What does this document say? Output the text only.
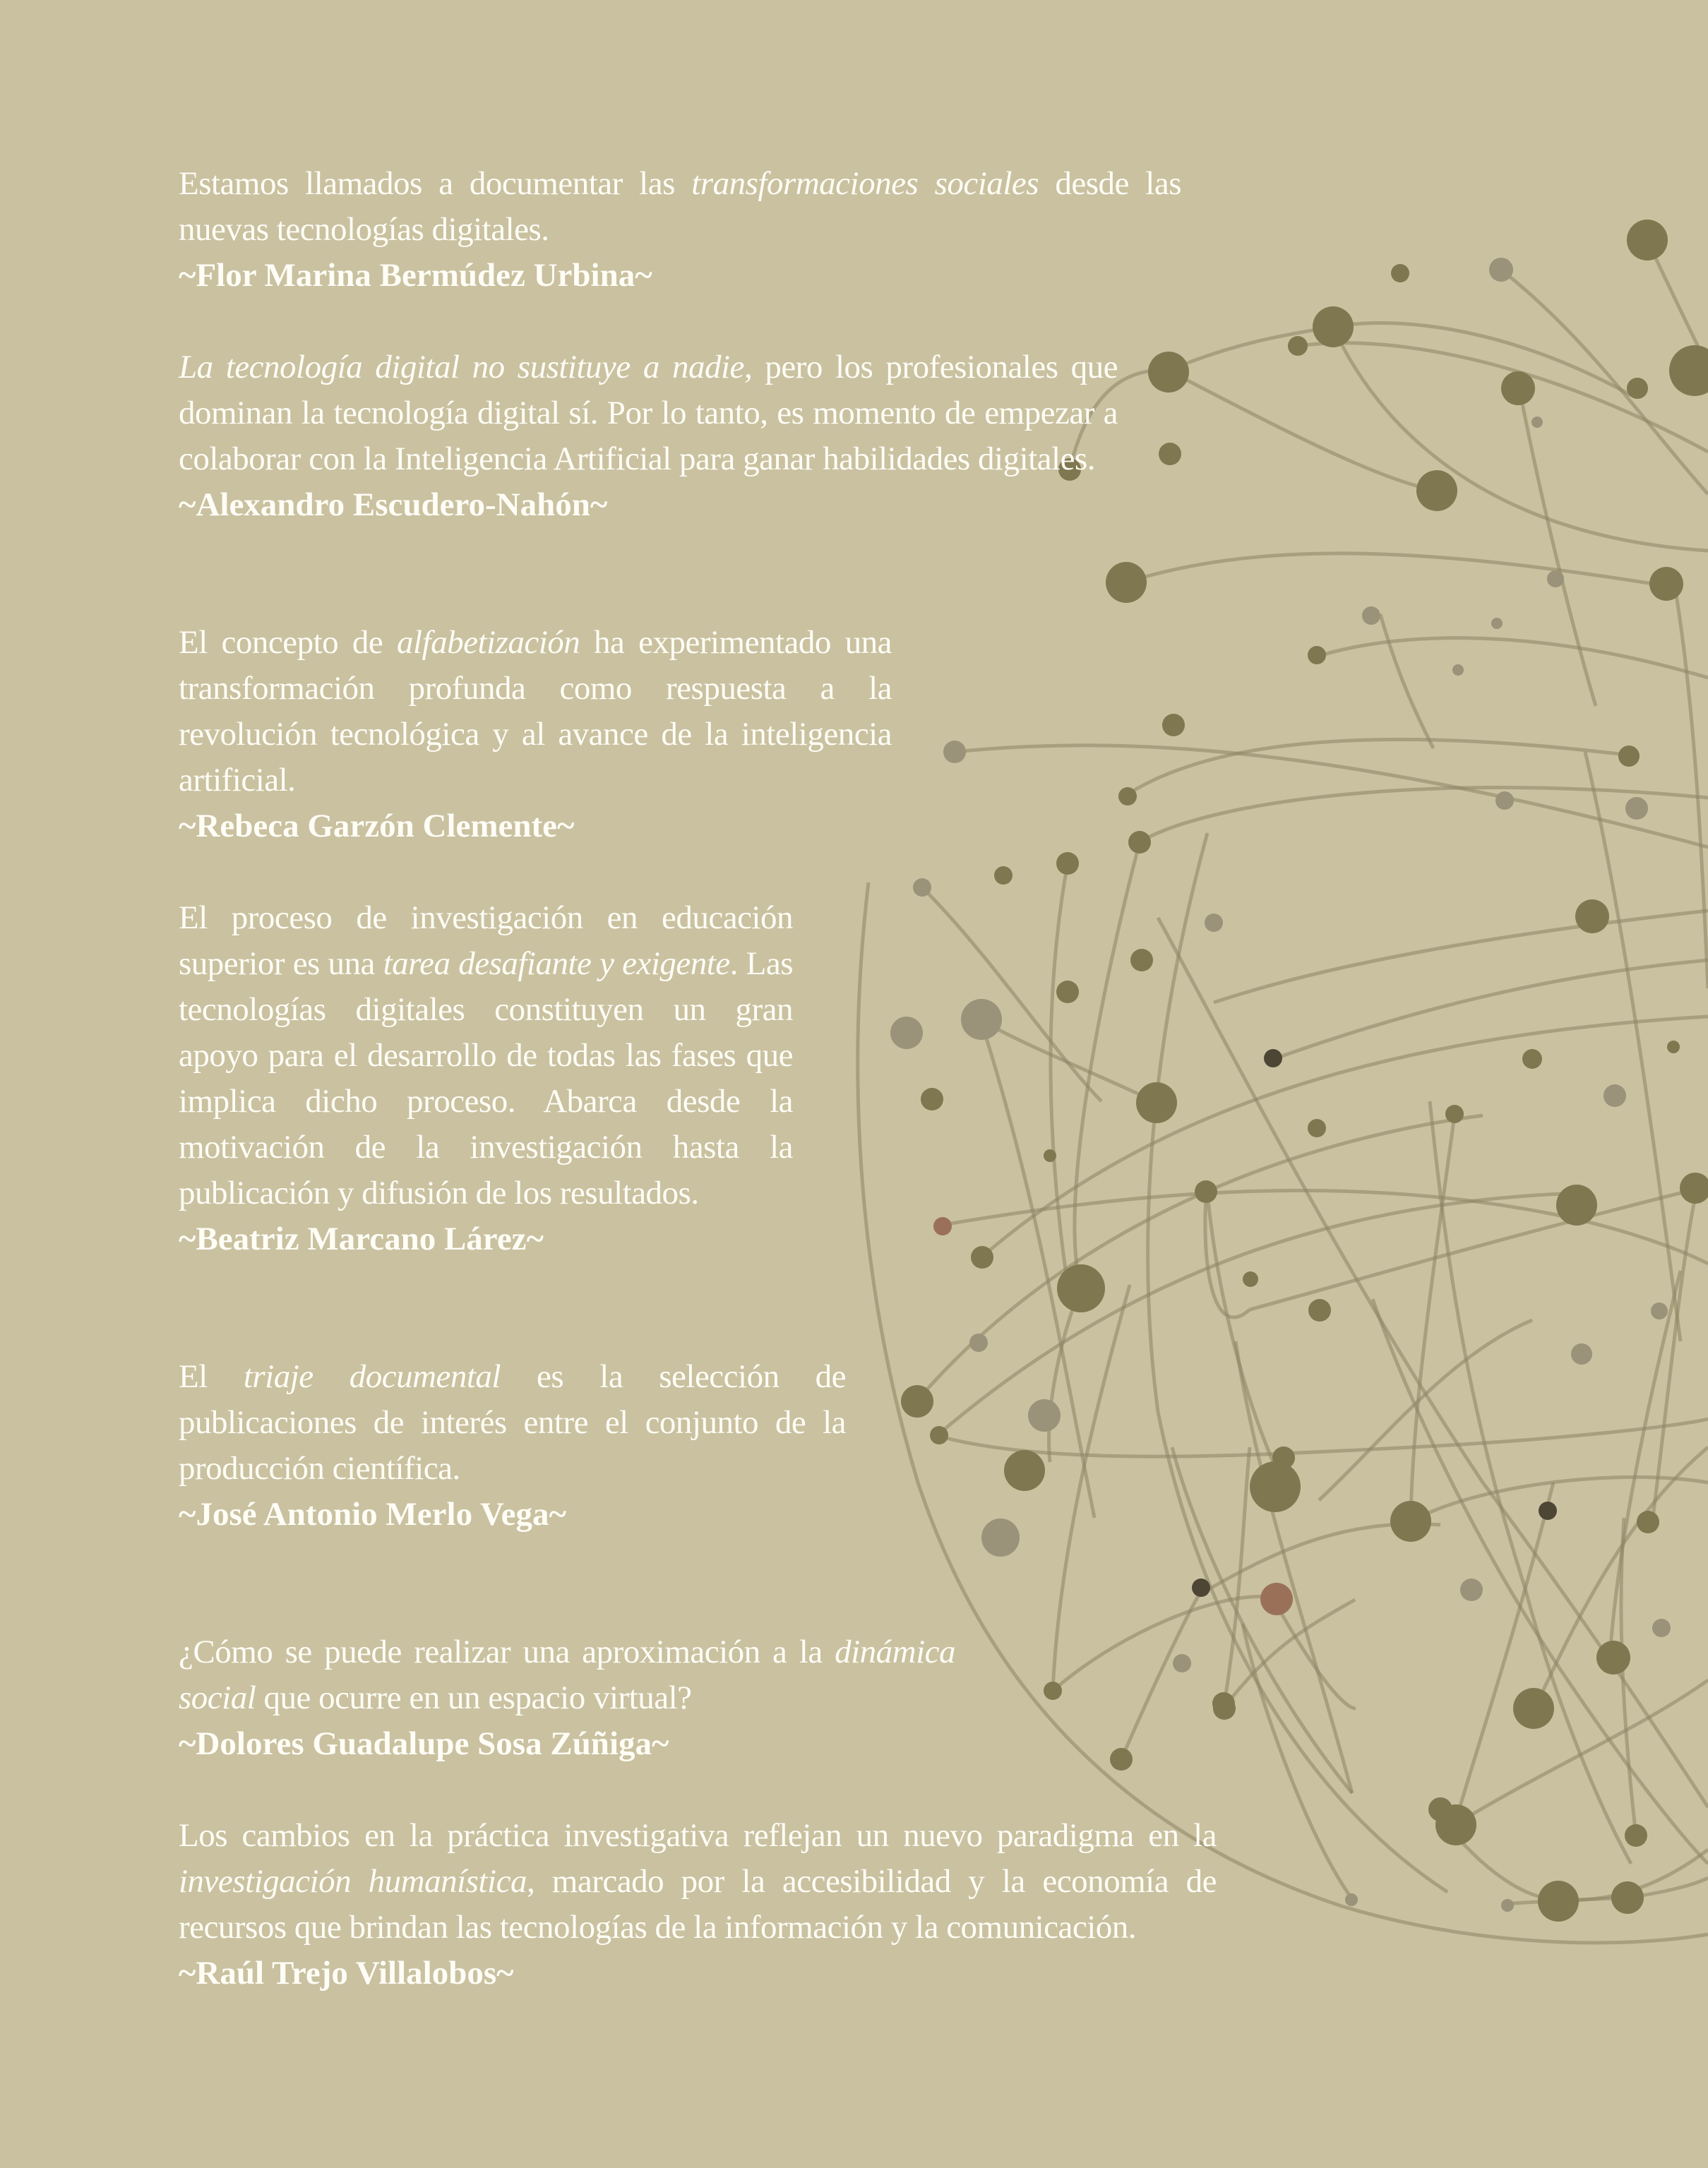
Estamos llamados a documentar las transformaciones sociales desde las nuevas tecnologías digitales.
~Flor Marina Bermúdez Urbina~
La tecnología digital no sustituye a nadie, pero los profesionales que dominan la tecnología digital sí. Por lo tanto, es momento de empezar a colaborar con la Inteligencia Artificial para ganar habilidades digitales.
~Alexandro Escudero-Nahón~
El concepto de alfabetización ha experimentado una transformación profunda como respuesta a la revolución tecnológica y al avance de la inteligencia artificial.
~Rebeca Garzón Clemente~
El proceso de investigación en educación superior es una tarea desafiante y exigente. Las tecnologías digitales constituyen un gran apoyo para el desarrollo de todas las fases que implica dicho proceso. Abarca desde la motivación de la investigación hasta la publicación y difusión de los resultados.
~Beatriz Marcano Lárez~
El triaje documental es la selección de publicaciones de interés entre el conjunto de la producción científica.
~José Antonio Merlo Vega~
¿Cómo se puede realizar una aproximación a la dinámica social que ocurre en un espacio virtual?
~Dolores Guadalupe Sosa Zúñiga~
Los cambios en la práctica investigativa reflejan un nuevo paradigma en la investigación humanística, marcado por la accesibilidad y la economía de recursos que brindan las tecnologías de la información y la comunicación.
~Raúl Trejo Villalobos~
